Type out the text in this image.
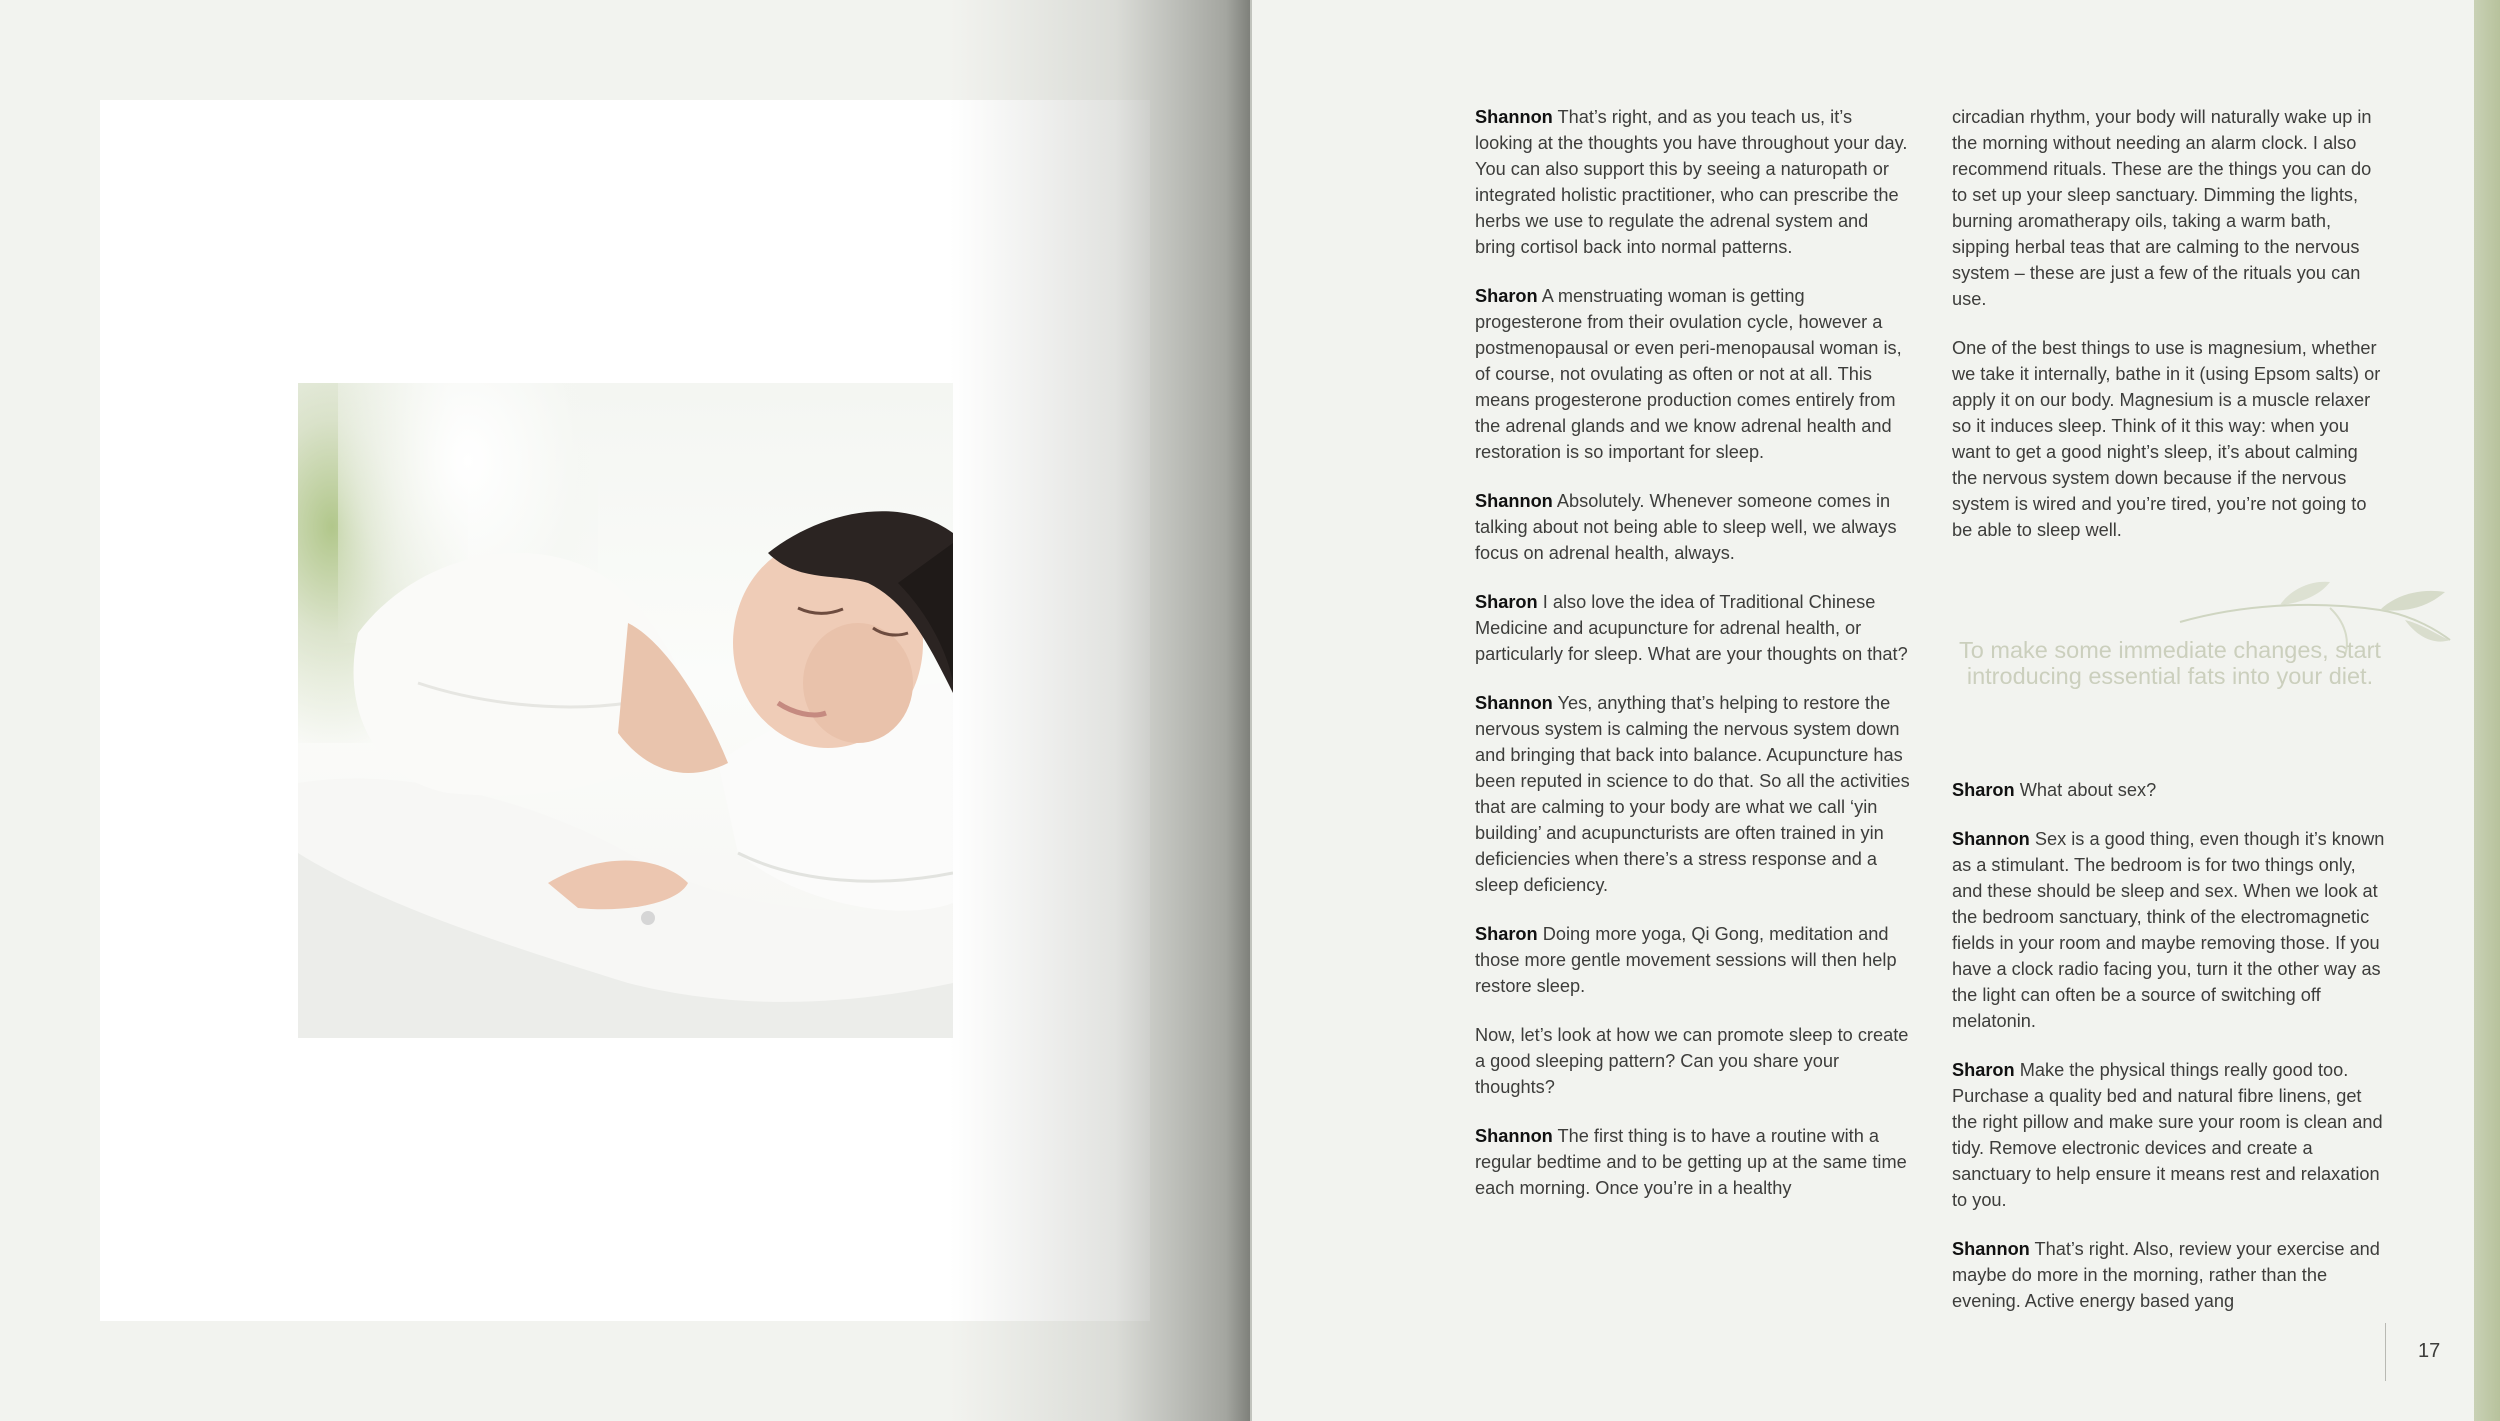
Shannon That’s right, and as you teach us, it’s looking at the thoughts you have throughout your day. You can also support this by seeing a naturopath or integrated holistic practitioner, who can prescribe the herbs we use to regulate the adrenal system and bring cortisol back into normal patterns.

Sharon A menstruating woman is getting progesterone from their ovulation cycle, however a postmenopausal or even peri-menopausal woman is, of course, not ovulating as often or not at all. This means progesterone production comes entirely from the adrenal glands and we know adrenal health and restoration is so important for sleep.

Shannon Absolutely. Whenever someone comes in talking about not being able to sleep well, we always focus on adrenal health, always.

Sharon I also love the idea of Traditional Chinese Medicine and acupuncture for adrenal health, or particularly for sleep. What are your thoughts on that?

Shannon Yes, anything that’s helping to restore the nervous system is calming the nervous system down and bringing that back into balance. Acupuncture has been reputed in science to do that. So all the activities that are calming to your body are what we call ‘yin building’ and acupuncturists are often trained in yin deficiencies when there’s a stress response and a sleep deficiency.

Sharon Doing more yoga, Qi Gong, meditation and those more gentle movement sessions will then help restore sleep.

Now, let’s look at how we can promote sleep to create a good sleeping pattern? Can you share your thoughts?

Shannon The first thing is to have a routine with a regular bedtime and to be getting up at the same time each morning. Once you’re in a healthy

circadian rhythm, your body will naturally wake up in the morning without needing an alarm clock. I also recommend rituals. These are the things you can do to set up your sleep sanctuary. Dimming the lights, burning aromatherapy oils, taking a warm bath, sipping herbal teas that are calming to the nervous system – these are just a few of the rituals you can use.

One of the best things to use is magnesium, whether we take it internally, bathe in it (using Epsom salts) or apply it on our body. Magnesium is a muscle relaxer so it induces sleep. Think of it this way: when you want to get a good night’s sleep, it’s about calming the nervous system down because if the nervous system is wired and you’re tired, you’re not going to be able to sleep well.

To make some immediate changes, start introducing essential fats into your diet.

Sharon What about sex?

Shannon Sex is a good thing, even though it’s known as a stimulant. The bedroom is for two things only, and these should be sleep and sex. When we look at the bedroom sanctuary, think of the electromagnetic fields in your room and maybe removing those. If you have a clock radio facing you, turn it the other way as the light can often be a source of switching off melatonin.

Sharon Make the physical things really good too. Purchase a quality bed and natural fibre linens, get the right pillow and make sure your room is clean and tidy. Remove electronic devices and create a sanctuary to help ensure it means rest and relaxation to you.

Shannon That’s right. Also, review your exercise and maybe do more in the morning, rather than the evening. Active energy based yang

17
